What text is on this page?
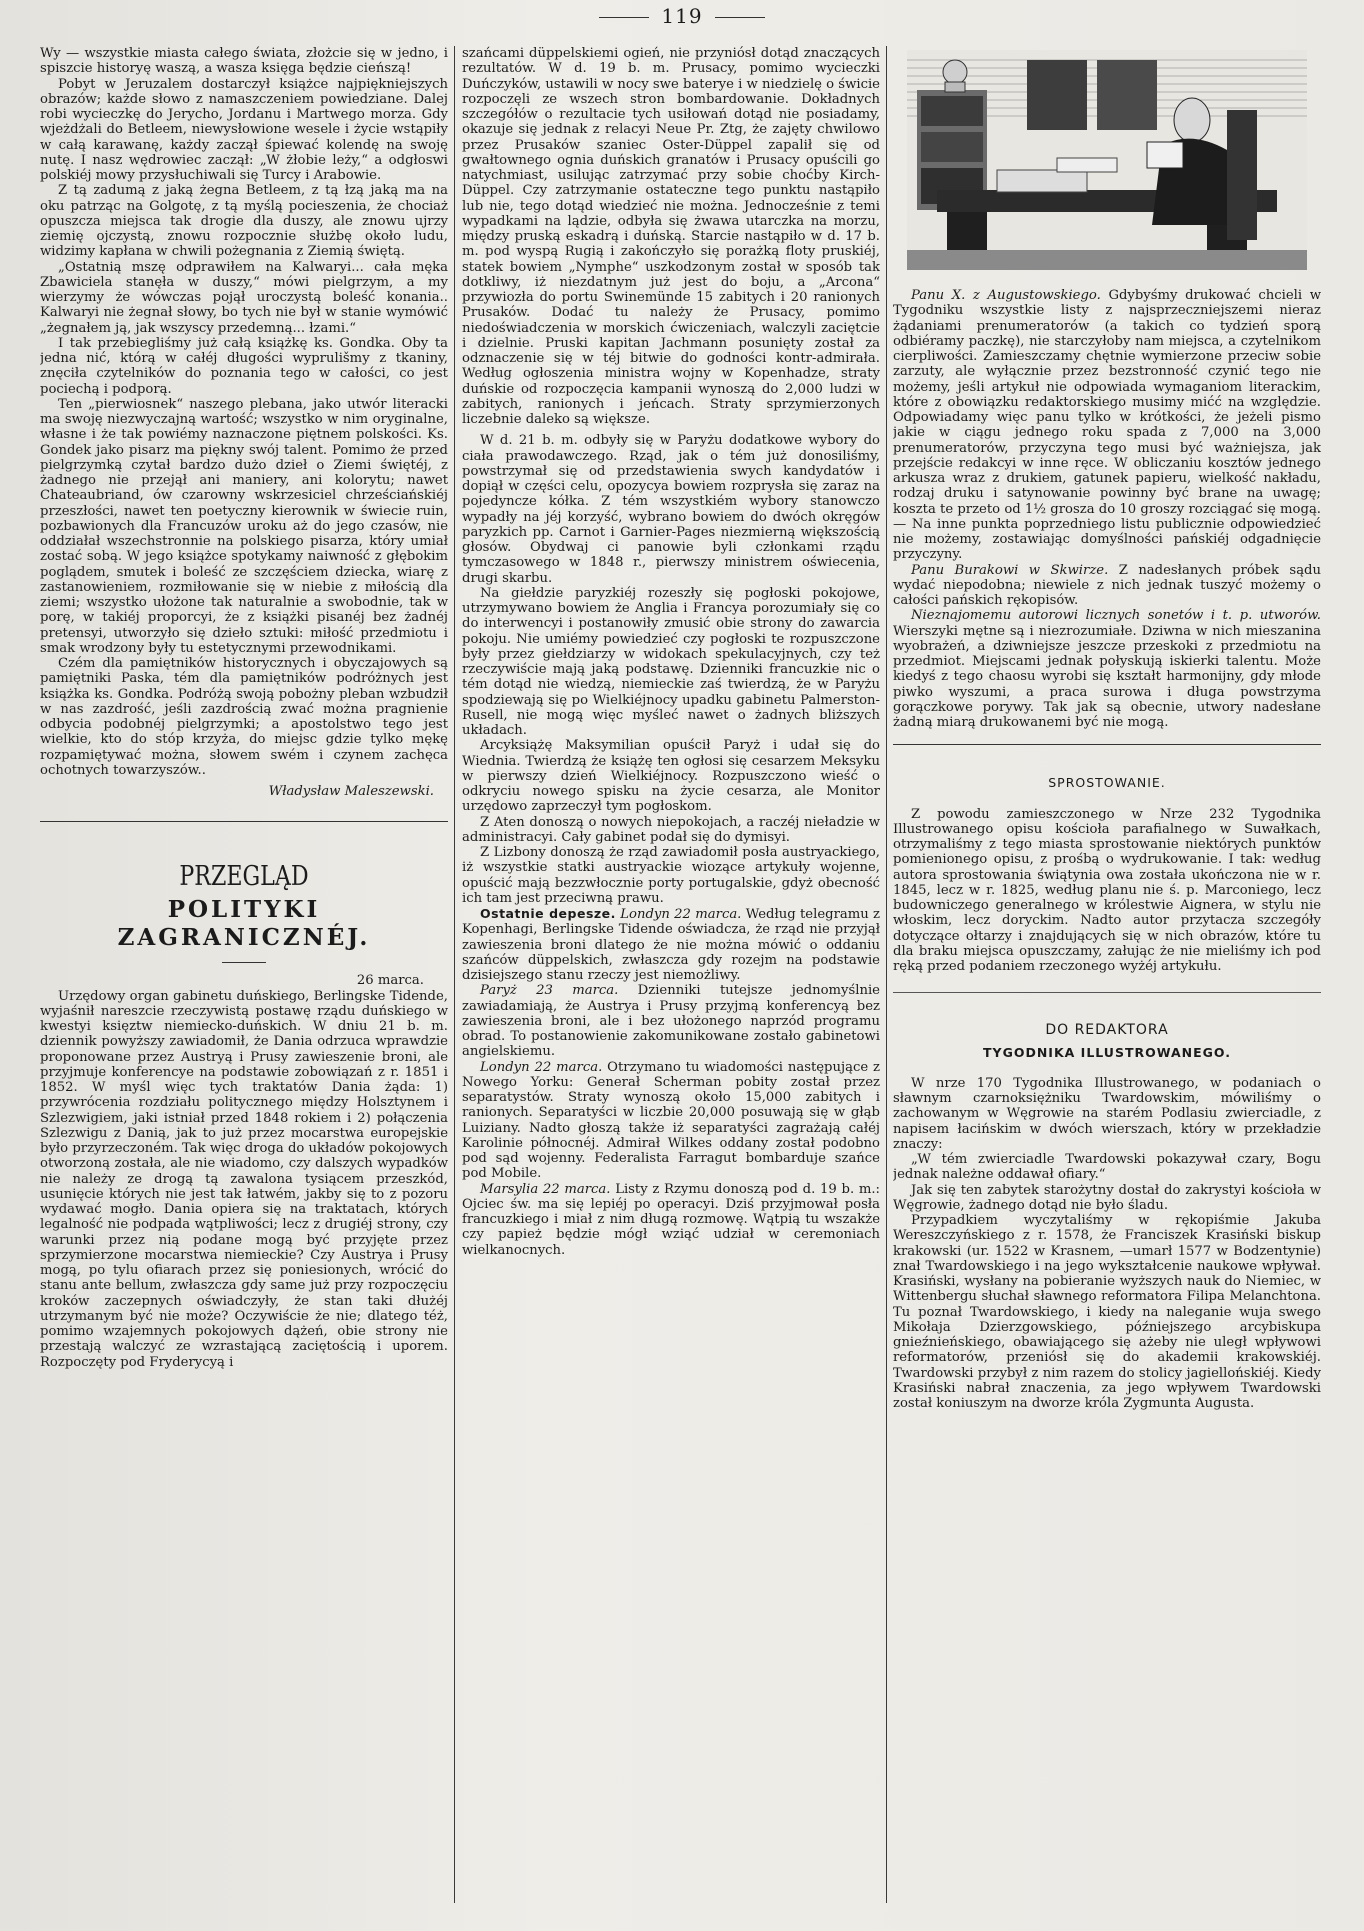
119

Wy — wszystkie miasta całego świata, złożcie się w jedno, i spiszcie historyę waszą, a wasza księga będzie cieńszą!

Pobyt w Jeruzalem dostarczył książce najpiękniejszych obrazów; każde słowo z namaszczeniem powiedziane. Dalej robi wycieczkę do Jerycho, Jordanu i Martwego morza. Gdy wjeżdżali do Betleem, niewysłowione wesele i życie wstąpiły w całą karawanę, każdy zaczął śpiewać kolendę na swoję nutę. I nasz wędrowiec zaczął: „W żłobie leży,“ a odgłoswi polskiéj mowy przysłuchiwali się Turcy i Arabowie.

Z tą zadumą z jaką żegna Betleem, z tą łzą jaką ma na oku patrząc na Golgotę, z tą myślą pocieszenia, że chociaż opuszcza miejsca tak drogie dla duszy, ale znowu ujrzy ziemię ojczystą, znowu rozpocznie służbę około ludu, widzimy kapłana w chwili pożegnania z Ziemią świętą.

„Ostatnią mszę odprawiłem na Kalwaryi... cała męka Zbawiciela stanęła w duszy,“ mówi pielgrzym, a my wierzymy że wówczas pojął uroczystą boleść konania.. Kalwaryi nie żegnał słowy, bo tych nie był w stanie wymówić „żegnałem ją, jak wszyscy przedemną... łzami.“

I tak przebiegliśmy już całą książkę ks. Gondka. Oby ta jedna nić, którą w całéj długości wyprulišmy z tkaniny, znęciła czytelników do poznania tego w całości, co jest pociechą i podporą.

Ten „pierwiosnek“ naszego plebana, jako utwór literacki ma swoję niezwyczajną wartość; wszystko w nim oryginalne, własne i że tak powiémy naznaczone piętnem polskości. Ks. Gondek jako pisarz ma piękny swój talent. Pomimo że przed pielgrzymką czytał bardzo dużo dzieł o Ziemi świętéj, z żadnego nie przejął ani maniery, ani kolorytu; nawet Chateaubriand, ów czarowny wskrzesiciel chrześciańskiéj przeszłości, nawet ten poetyczny kierownik w świecie ruin, pozbawionych dla Francuzów uroku aż do jego czasów, nie oddziałał wszechstronnie na polskiego pisarza, który umiał zostać sobą. W jego książce spotykamy naiwność z głębokim poglądem, smutek i boleść ze szczęściem dziecka, wiarę z zastanowieniem, rozmiłowanie się w niebie z miłością dla ziemi; wszystko ułożone tak naturalnie a swobodnie, tak w porę, w takiéj proporcyi, że z książki pisanéj bez żadnéj pretensyi, utworzyło się dzieło sztuki: miłość przedmiotu i smak wrodzony były tu estetycznymi przewodnikami.

Czém dla pamiętników historycznych i obyczajowych są pamiętniki Paska, tém dla pamiętników podróżnych jest książka ks. Gondka. Podróżą swoją pobożny pleban wzbudził w nas zazdrość, jeśli zazdrością zwać można pragnienie odbycia podobnéj pielgrzymki; a apostolstwo tego jest wielkie, kto do stóp krzyża, do miejsc gdzie tylko mękę rozpamiętywać można, słowem swém i czynem zachęca ochotnych towarzyszów..

Władysław Maleszewski.
PRZEGLĄD
POLITYKI ZAGRANICZNÉJ.
26 marca.

Urzędowy organ gabinetu duńskiego, Berlingske Tidende, wyjaśnił nareszcie rzeczywistą postawę rządu duńskiego w kwestyi księztw niemiecko-duńskich. W dniu 21 b. m. dziennik powyższy zawiadomił, że Dania odrzuca wprawdzie proponowane przez Austryą i Prusy zawieszenie broni, ale przyjmuje konferencye na podstawie zobowiązań z r. 1851 i 1852. W myśl więc tych traktatów Dania żąda: 1) przywrócenia rozdziału politycznego między Holsztynem i Szlezwigiem, jaki istniał przed 1848 rokiem i 2) połączenia Szlezwigu z Danią, jak to już przez mocarstwa europejskie było przyrzeczoném. Tak więc droga do układów pokojowych otworzoną została, ale nie wiadomo, czy dalszych wypadków nie należy ze drogą tą zawalona tysiącem przeszkód, usunięcie których nie jest tak łatwém, jakby się to z pozoru wydawać mogło. Dania opiera się na traktatach, których legalność nie podpada wątpliwości; lecz z drugiéj strony, czy warunki przez nią podane mogą być przyjęte przez sprzymierzone mocarstwa niemieckie? Czy Austrya i Prusy mogą, po tylu ofiarach przez się poniesionych, wrócić do stanu ante bellum, zwłaszcza gdy same już przy rozpoczęciu kroków zaczepnych oświadczyły, że stan taki dłużéj utrzymanym być nie może? Oczywiście że nie; dlatego téż, pomimo wzajemnych pokojowych dążeń, obie strony nie przestają walczyć ze wzrastającą zaciętością i uporem. Rozpoczęty pod Fryderycyą i

szańcami düppelskiemi ogień, nie przyniósł dotąd znaczących rezultatów. W d. 19 b. m. Prusacy, pomimo wycieczki Duńczyków, ustawili w nocy swe baterye i w niedzielę o świcie rozpoczęli ze wszech stron bombardowanie. Dokładnych szczegółów o rezultacie tych usiłowań dotąd nie posiadamy, okazuje się jednak z relacyi Neue Pr. Ztg, że zajęty chwilowo przez Prusaków szaniec Oster-Düppel zapalił się od gwałtownego ognia duńskich granatów i Prusacy opuścili go natychmiast, usilując zatrzymać przy sobie choćby Kirch-Düppel. Czy zatrzymanie ostateczne tego punktu nastąpiło lub nie, tego dotąd wiedzieć nie można. Jednocześnie z temi wypadkami na lądzie, odbyła się żwawa utarczka na morzu, między pruską eskadrą i duńską. Starcie nastąpiło w d. 17 b. m. pod wyspą Rugią i zakończyło się porażką floty pruskiéj, statek bowiem „Nymphe“ uszkodzonym został w sposób tak dotkliwy, iż niezdatnym już jest do boju, a „Arcona“ przywiozła do portu Swinemünde 15 zabitych i 20 ranionych Prusaków. Dodać tu należy że Prusacy, pomimo niedoświadczenia w morskich ćwiczeniach, walczyli zaciętcie i dzielnie. Pruski kapitan Jachmann posunięty został za odznaczenie się w téj bitwie do godności kontr-admirała. Według ogłoszenia ministra wojny w Kopenhadze, straty duńskie od rozpoczęcia kampanii wynoszą do 2,000 ludzi w zabitych, ranionych i jeńcach. Straty sprzymierzonych liczebnie daleko są większe.

W d. 21 b. m. odbyły się w Paryżu dodatkowe wybory do ciała prawodawczego. Rząd, jak o tém już donosiliśmy, powstrzymał się od przedstawienia swych kandydatów i dopiął w części celu, opozycya bowiem rozprysła się zaraz na pojedyncze kółka. Z tém wszystkiém wybory stanowczo wypadły na jéj korzyść, wybrano bowiem do dwóch okręgów paryzkich pp. Carnot i Garnier-Pages niezmierną większością głosów. Obydwaj ci panowie byli członkami rządu tymczasowego w 1848 r., pierwszy ministrem oświecenia, drugi skarbu.

Na giełdzie paryzkiéj rozeszły się pogłoski pokojowe, utrzymywano bowiem że Anglia i Francya porozumiały się co do interwencyi i postanowiły zmusić obie strony do zawarcia pokoju. Nie umiémy powiedzieć czy pogłoski te rozpuszczone były przez giełdziarzy w widokach spekulacyjnych, czy też rzeczywiście mają jaką podstawę. Dzienniki francuzkie nic o tém dotąd nie wiedzą, niemieckie zaś twierdzą, że w Paryżu spodziewają się po Wielkiéjnocy upadku gabinetu Palmerston-Rusell, nie mogą więc myśleć nawet o żadnych bliższych układach.

Arcyksiążę Maksymilian opuścił Paryż i udał się do Wiednia. Twierdzą że książę ten ogłosi się cesarzem Meksyku w pierwszy dzień Wielkiéjnocy. Rozpuszczono wieść o odkryciu nowego spisku na życie cesarza, ale Monitor urzędowo zaprzeczył tym pogłoskom.

Z Aten donoszą o nowych niepokojach, a raczéj nieładzie w administracyi. Cały gabinet podał się do dymisyi.

Z Lizbony donoszą że rząd zawiadomił posła austryackiego, iż wszystkie statki austryackie wiozące artykuły wojenne, opuścić mają bezzwłocznie porty portugalskie, gdyż obecność ich tam jest przeciwną prawu.

Ostatnie depesze. Londyn 22 marca. Według telegramu z Kopenhagi, Berlingske Tidende oświadcza, że rząd nie przyjął zawieszenia broni dlatego że nie można mówić o oddaniu szańców düppelskich, zwłaszcza gdy rozejm na podstawie dzisiejszego stanu rzeczy jest niemożliwy.

Paryż 23 marca. Dzienniki tutejsze jednomyślnie zawiadamiają, że Austrya i Prusy przyjmą konferencyą bez zawieszenia broni, ale i bez ułożonego naprzód programu obrad. To postanowienie zakomunikowane zostało gabinetowi angielskiemu.

Londyn 22 marca. Otrzymano tu wiadomości następujące z Nowego Yorku: Generał Scherman pobity został przez separatystów. Straty wynoszą około 15,000 zabitych i ranionych. Separatyści w liczbie 20,000 posuwają się w głąb Luiziany. Nadto głoszą także iż separatyści zagrażają całéj Karolinie północnéj. Admirał Wilkes oddany został podobno pod sąd wojenny. Federalista Farragut bombarduje szańce pod Mobile.

Marsylia 22 marca. Listy z Rzymu donoszą pod d. 19 b. m.: Ojciec św. ma się lepiéj po operacyi. Dziś przyjmował posła francuzkiego i miał z nim długą rozmowę. Wątpią tu wszakże czy papież będzie mógł wziąć udział w ceremoniach wielkanocnych.

Panu X. z Augustowskiego. Gdybyśmy drukować chcieli w Tygodniku wszystkie listy z najsprzeczniejszemi nieraz żądaniami prenumeratorów (a takich co tydzień sporą odbiéramy paczkę), nie starczyłoby nam miejsca, a czytelnikom cierpliwości. Zamieszczamy chętnie wymierzone przeciw sobie zarzuty, ale wyłącznie przez bezstronność czynić tego nie możemy, jeśli artykuł nie odpowiada wymaganiom literackim, które z obowiązku redaktorskiego musimy mićć na względzie. Odpowiadamy więc panu tylko w krótkości, że jeżeli pismo jakie w ciągu jednego roku spada z 7,000 na 3,000 prenumeratorów, przyczyna tego musi być ważniejsza, jak przejście redakcyi w inne ręce. W obliczaniu kosztów jednego arkusza wraz z drukiem, gatunek papieru, wielkość nakładu, rodzaj druku i satynowanie powinny być brane na uwagę; koszta te przeto od 1½ grosza do 10 groszy rozciągać się mogą. — Na inne punkta poprzedniego listu publicznie odpowiedzieć nie możemy, zostawiając domyślności pańskiéj odgadnięcie przyczyny.

Panu Burakowi w Skwirze. Z nadesłanych próbek sądu wydać niepodobna; niewiele z nich jednak tuszyć możemy o całości pańskich rękopisów.

Nieznajomemu autorowi licznych sonetów i t. p. utworów. Wierszyki mętne są i niezrozumiałe. Dziwna w nich mieszanina wyobrażeń, a dziwniejsze jeszcze przeskoki z przedmiotu na przedmiot. Miejscami jednak połyskują iskierki talentu. Może kiedyś z tego chaosu wyrobi się kształt harmonijny, gdy młode piwko wyszumi, a praca surowa i długa powstrzyma gorączkowe porywy. Tak jak są obecnie, utwory nadesłane żadną miarą drukowanemi być nie mogą.

SPROSTOWANIE.

Z powodu zamieszczonego w Nrze 232 Tygodnika Illustrowanego opisu kościoła parafialnego w Suwałkach, otrzymaliśmy z tego miasta sprostowanie niektórych punktów pomienionego opisu, z prośbą o wydrukowanie. I tak: według autora sprostowania świątynia owa została ukończona nie w r. 1845, lecz w r. 1825, według planu nie ś. p. Marconiego, lecz budowniczego generalnego w królestwie Aignera, w stylu nie włoskim, lecz doryckim. Nadto autor przytacza szczegóły dotyczące ołtarzy i znajdujących się w nich obrazów, które tu dla braku miejsca opuszczamy, załując że nie mieliśmy ich pod ręką przed podaniem rzeczonego wyżéj artykułu.

DO REDAKTORA
TYGODNIKA ILLUSTROWANEGO.

W nrze 170 Tygodnika Illustrowanego, w podaniach o sławnym czarnoksiężniku Twardowskim, mówiliśmy o zachowanym w Węgrowie na starém Podlasiu zwierciadle, z napisem łacińskim w dwóch wierszach, który w przekładzie znaczy:

„W tém zwierciadle Twardowski pokazywał czary, Bogu jednak należne oddawał ofiary.“

Jak się ten zabytek starożytny dostał do zakrystyi kościoła w Węgrowie, żadnego dotąd nie było śladu.

Przypadkiem wyczytaliśmy w rękopiśmie Jakuba Wereszczyńskiego z r. 1578, że Franciszek Krasiński biskup krakowski (ur. 1522 w Krasnem, —umarł 1577 w Bodzentynie) znał Twardowskiego i na jego wykształcenie naukowe wpływał. Krasiński, wysłany na pobieranie wyższych nauk do Niemiec, w Wittenbergu słuchał sławnego reformatora Filipa Melanchtona. Tu poznał Twardowskiego, i kiedy na naleganie wuja swego Mikołaja Dzierzgowskiego, późniejszego arcybiskupa gnieźnieńskiego, obawiającego się ażeby nie uległ wpływowi reformatorów, przeniósł się do akademii krakowskiéj. Twardowski przybył z nim razem do stolicy jagiellońskiéj. Kiedy Krasiński nabrał znaczenia, za jego wpływem Twardowski został koniuszym na dworze króla Zygmunta Augusta.
